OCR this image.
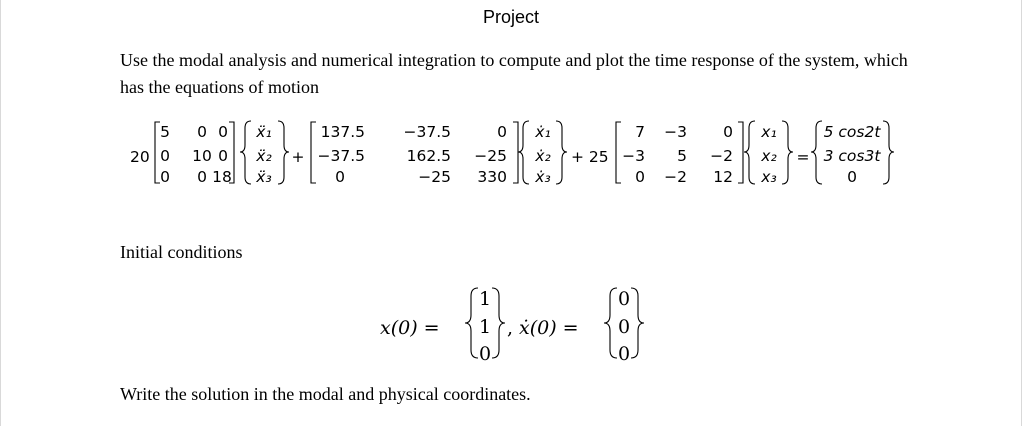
Project

Use the modal analysis and numerical integration to compute and plot the time response of the system, which has the equations of motion

20
5 0 0
0 10 0
0 0 18
ẍ₁
ẍ₂
ẍ₃
+
137.5 −37.5	0
−37.5	162.5 −25
0	−25 330
ẋ₁
ẋ₂
ẋ₃
+ 25
7 −3 0
−3 5 −2
0 −2 12
x₁
x₂
x₃
=
5 cos2t
3 cos3t
0
x(0) =
1
1
0
, ẋ(0) =
0
0
0

Initial conditions

Write the solution in the modal and physical coordinates.
